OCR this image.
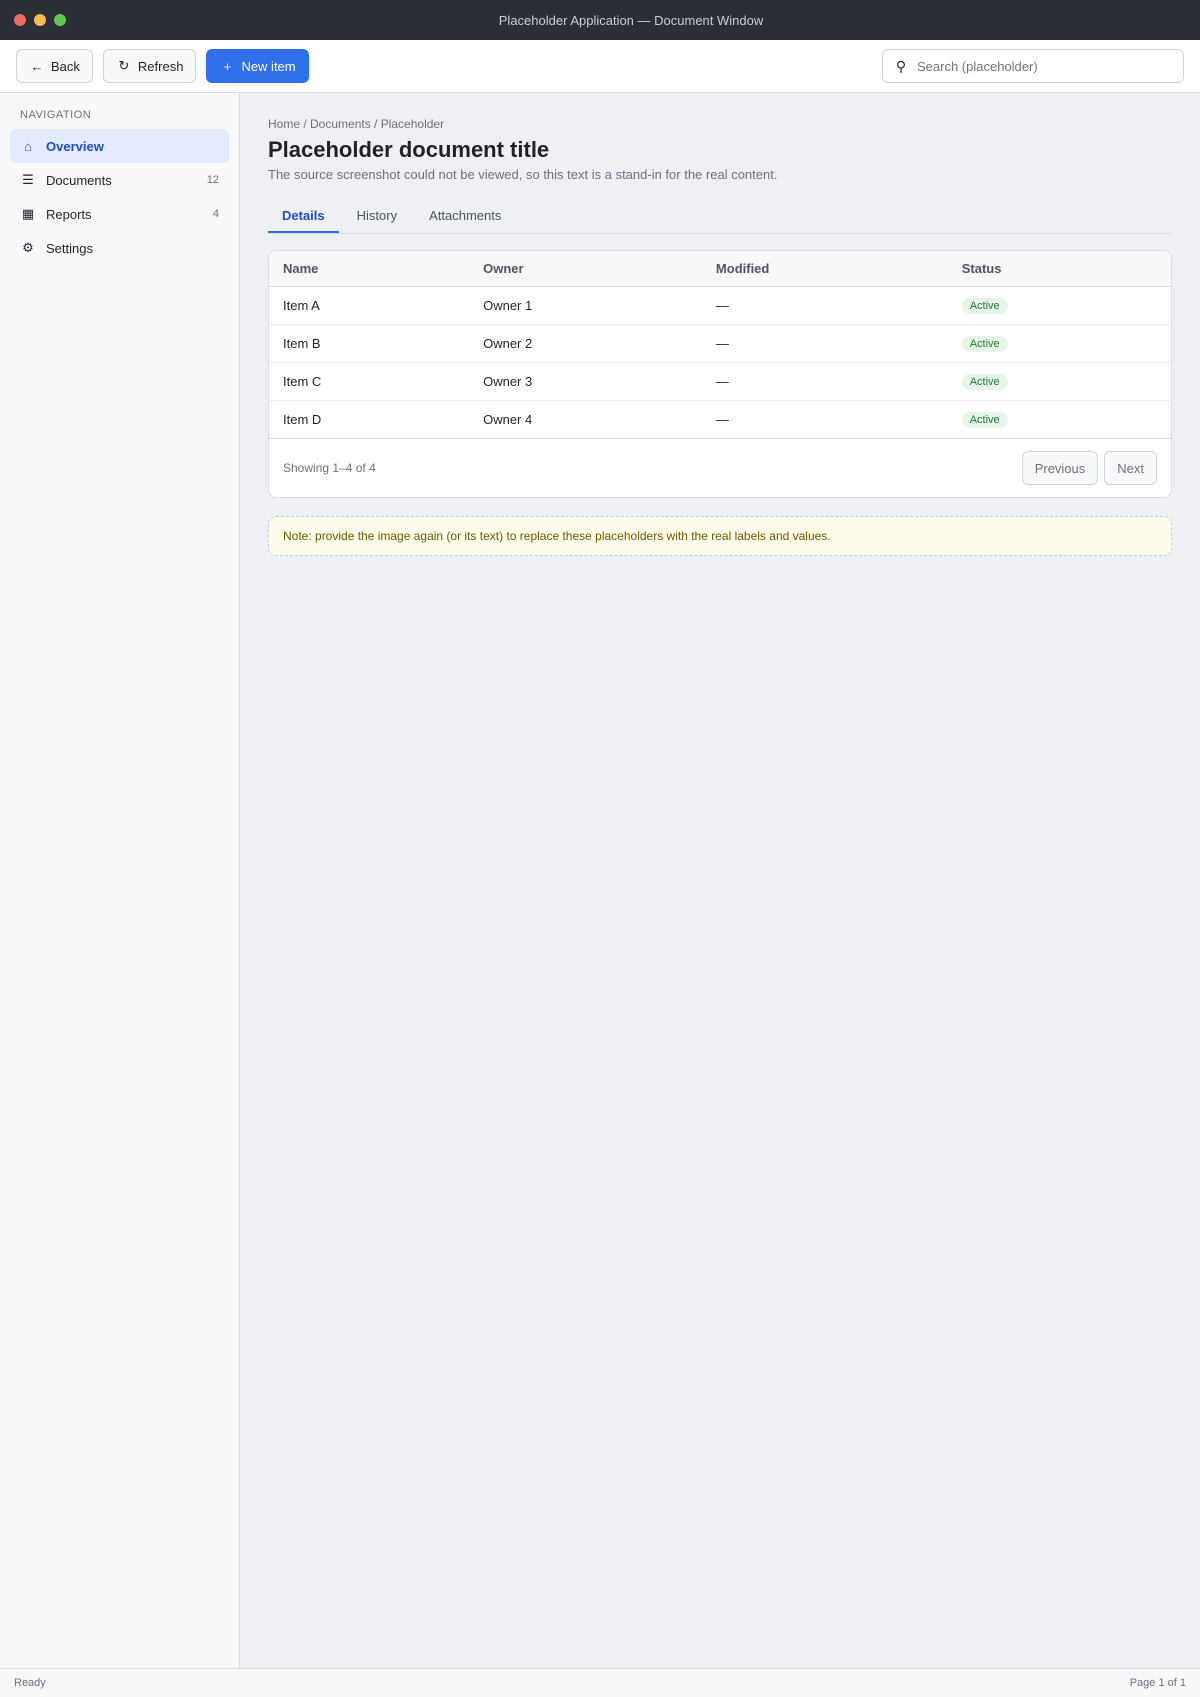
Placeholder Application — Document Window
← Back	↻ Refresh	+ New item	⚲
Search (placeholder)
NAVIGATION
⌂	Overview
☰ Documents	12
▦ Reports	4
⚙ Settings
Home / Documents / Placeholder
Placeholder document title
The source screenshot could not be viewed, so this text is a stand-in for the real content.
Details	History	Attachments
Name	Owner	Modified	Status
Item A	Owner 1	—	Active
Item B	Owner 2	—	Active
Item C	Owner 3	—	Active
Item D	Owner 4	—	Active
Showing 1–4 of 4	Previous	Next
Note: provide the image again (or its text) to replace these placeholders with the real labels and values.
Ready	Page 1 of 1
